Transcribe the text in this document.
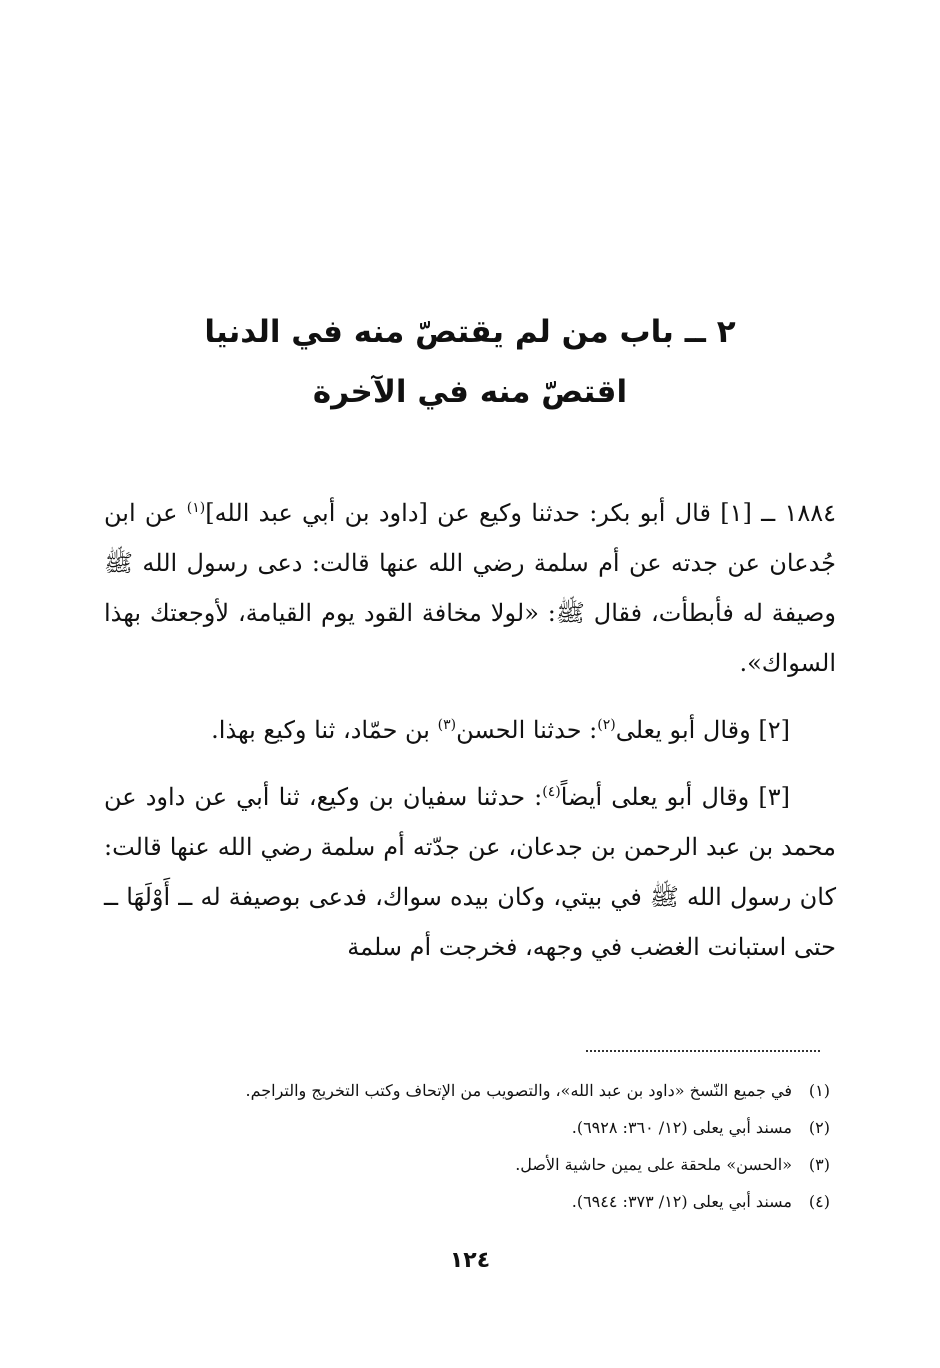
٢ ــ باب من لم يقتصّ منه في الدنيا
اقتصّ منه في الآخرة

١٨٨٤ ــ [١] قال أبو بكر: حدثنا وكيع عن [داود بن أبي عبد الله]$^{(١)}$ عن ابن جُدعان عن جدته عن أم سلمة رضي الله عنها قالت: دعى رسول الله ﷺ وصيفة له فأبطأت، فقال ﷺ: «لولا مخافة القود يوم القيامة، لأوجعتك بهذا السواك».

[٢] وقال أبو يعلى$^{(٢)}$: حدثنا الحسن$^{(٣)}$ بن حمّاد، ثنا وكيع بهذا.

[٣] وقال أبو يعلى أيضاً$^{(٤)}$: حدثنا سفيان بن وكيع، ثنا أبي عن داود عن محمد بن عبد الرحمن بن جدعان، عن جدّته أم سلمة رضي الله عنها قالت: كان رسول الله ﷺ في بيتي، وكان بيده سواك، فدعى بوصيفة له ــ أَوْلَهَا ــ حتى استبانت الغضب في وجهه، فخرجت أم سلمة

(١)
في جميع النّسخ «داود بن عبد الله»، والتصويب من الإتحاف وكتب التخريج والتراجم.
(٢)
مسند أبي يعلى (١٢/ ٣٦٠: ٦٩٢٨).
(٣)
«الحسن» ملحقة على يمين حاشية الأصل.
(٤)
مسند أبي يعلى (١٢/ ٣٧٣: ٦٩٤٤).
١٢٤
